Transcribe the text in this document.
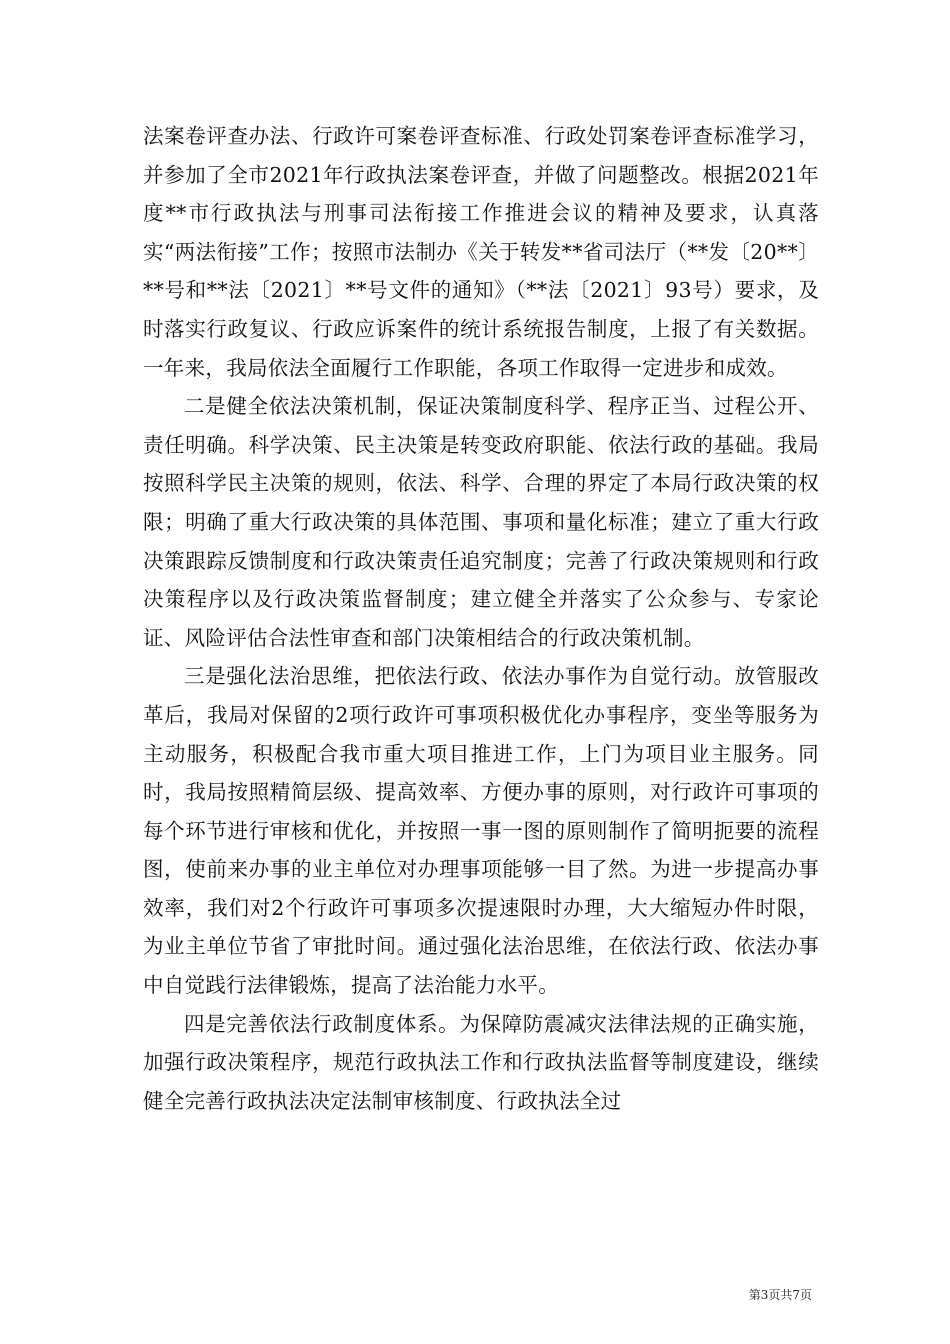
法案卷评查办法、行政许可案卷评查标准、行政处罚案卷评查标准学习，并参加了全市2021年行政执法案卷评查，并做了问题整改。根据2021年度**市行政执法与刑事司法衔接工作推进会议的精神及要求，认真落实“两法衔接”工作；按照市法制办《关于转发**省司法厅（**发〔20**〕**号和**法〔2021〕**号文件的通知》（**法〔2021〕93号）要求，及时落实行政复议、行政应诉案件的统计系统报告制度，上报了有关数据。一年来，我局依法全面履行工作职能，各项工作取得一定进步和成效。

二是健全依法决策机制，保证决策制度科学、程序正当、过程公开、责任明确。科学决策、民主决策是转变政府职能、依法行政的基础。我局按照科学民主决策的规则，依法、科学、合理的界定了本局行政决策的权限；明确了重大行政决策的具体范围、事项和量化标准；建立了重大行政决策跟踪反馈制度和行政决策责任追究制度；完善了行政决策规则和行政决策程序以及行政决策监督制度；建立健全并落实了公众参与、专家论证、风险评估合法性审查和部门决策相结合的行政决策机制。

三是强化法治思维，把依法行政、依法办事作为自觉行动。放管服改革后，我局对保留的2项行政许可事项积极优化办事程序，变坐等服务为主动服务，积极配合我市重大项目推进工作，上门为项目业主服务。同时，我局按照精简层级、提高效率、方便办事的原则，对行政许可事项的每个环节进行审核和优化，并按照一事一图的原则制作了简明扼要的流程图，使前来办事的业主单位对办理事项能够一目了然。为进一步提高办事效率，我们对2个行政许可事项多次提速限时办理，大大缩短办件时限，为业主单位节省了审批时间。通过强化法治思维，在依法行政、依法办事中自觉践行法律锻炼，提高了法治能力水平。

四是完善依法行政制度体系。为保障防震减灾法律法规的正确实施，加强行政决策程序，规范行政执法工作和行政执法监督等制度建设，继续健全完善行政执法决定法制审核制度、行政执法全过

第3页共7页
